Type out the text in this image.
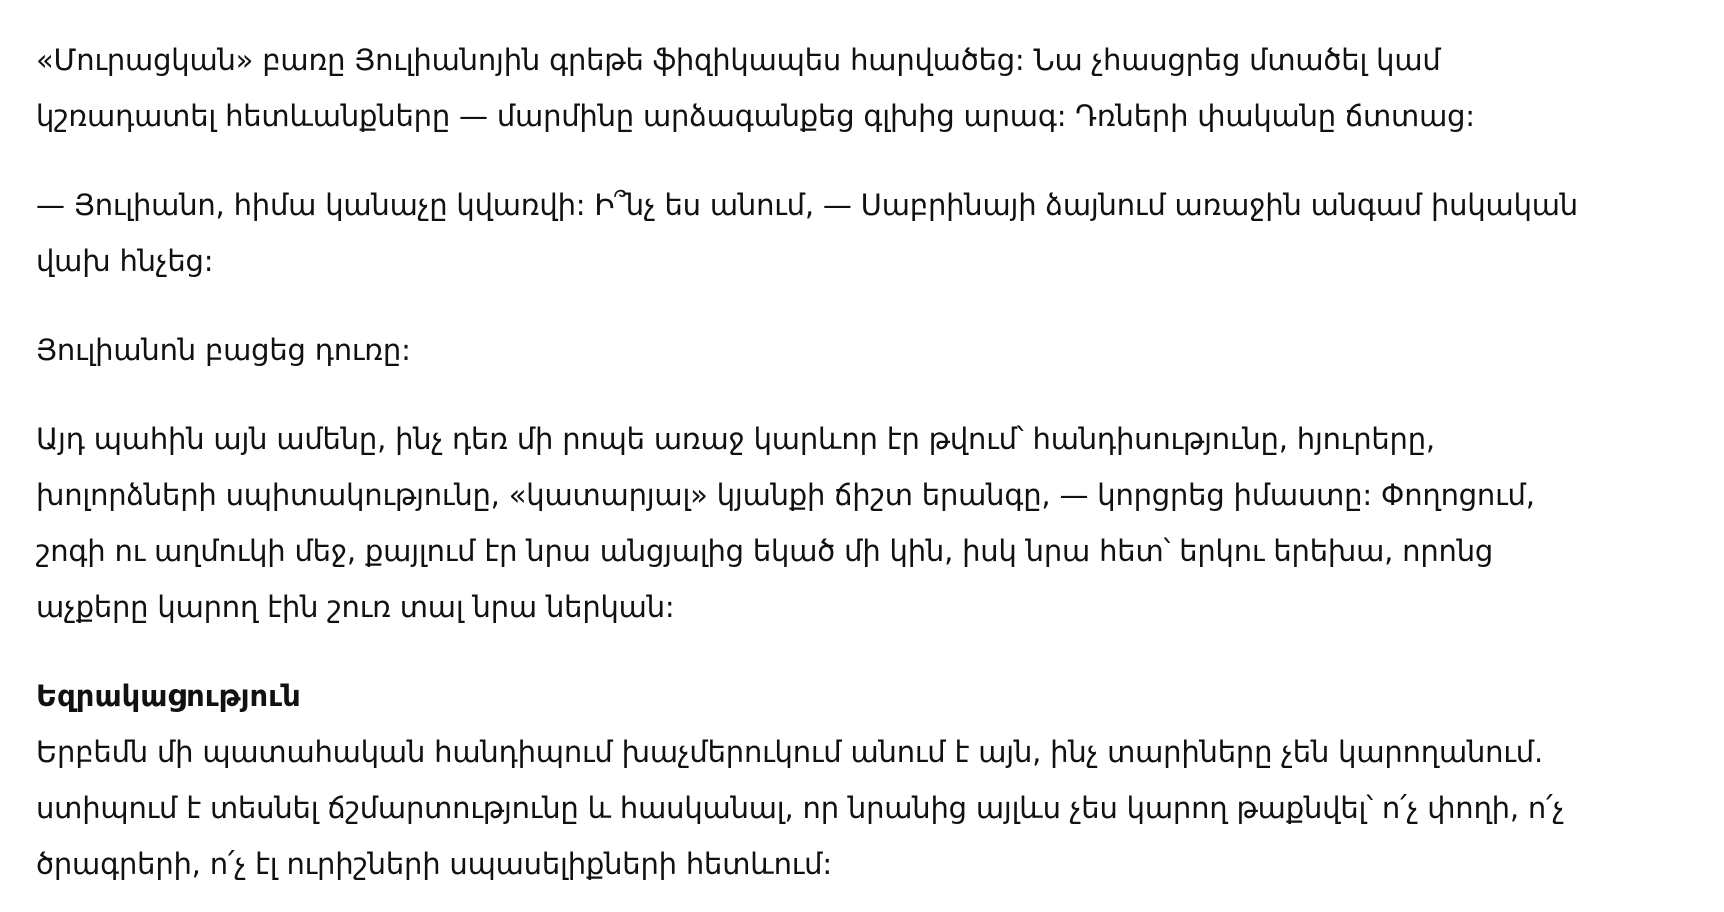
«Մուրացկան» բառը Յուլիանոյին գրեթե ֆիզիկապես հարվածեց: Նա չհասցրեց մտածել կամ
կշռադատել հետևանքները — մարմինը արձագանքեց գլխից արագ: Դռների փականը ճտտաց:

— Յուլիանո, հիմա կանաչը կվառվի: Ի՞նչ ես անում, — Սաբրինայի ձայնում առաջին անգամ իսկական
վախ հնչեց:

Յուլիանոն բացեց դուռը:

Այդ պահին այն ամենը, ինչ դեռ մի րոպե առաջ կարևոր էր թվում՝ հանդիսությունը, հյուրերը,
խոլորձների սպիտակությունը, «կատարյալ» կյանքի ճիշտ երանգը, — կորցրեց իմաստը: Փողոցում,
շոգի ու աղմուկի մեջ, քայլում էր նրա անցյալից եկած մի կին, իսկ նրա հետ՝ երկու երեխա, որոնց
աչքերը կարող էին շուռ տալ նրա ներկան:

Եզրակացություն

Երբեմն մի պատահական հանդիպում խաչմերուկում անում է այն, ինչ տարիները չեն կարողանում.
ստիպում է տեսնել ճշմարտությունը և հասկանալ, որ նրանից այլևս չես կարող թաքնվել՝ ո՛չ փողի, ո՛չ
ծրագրերի, ո՛չ էլ ուրիշների սպասելիքների հետևում:
